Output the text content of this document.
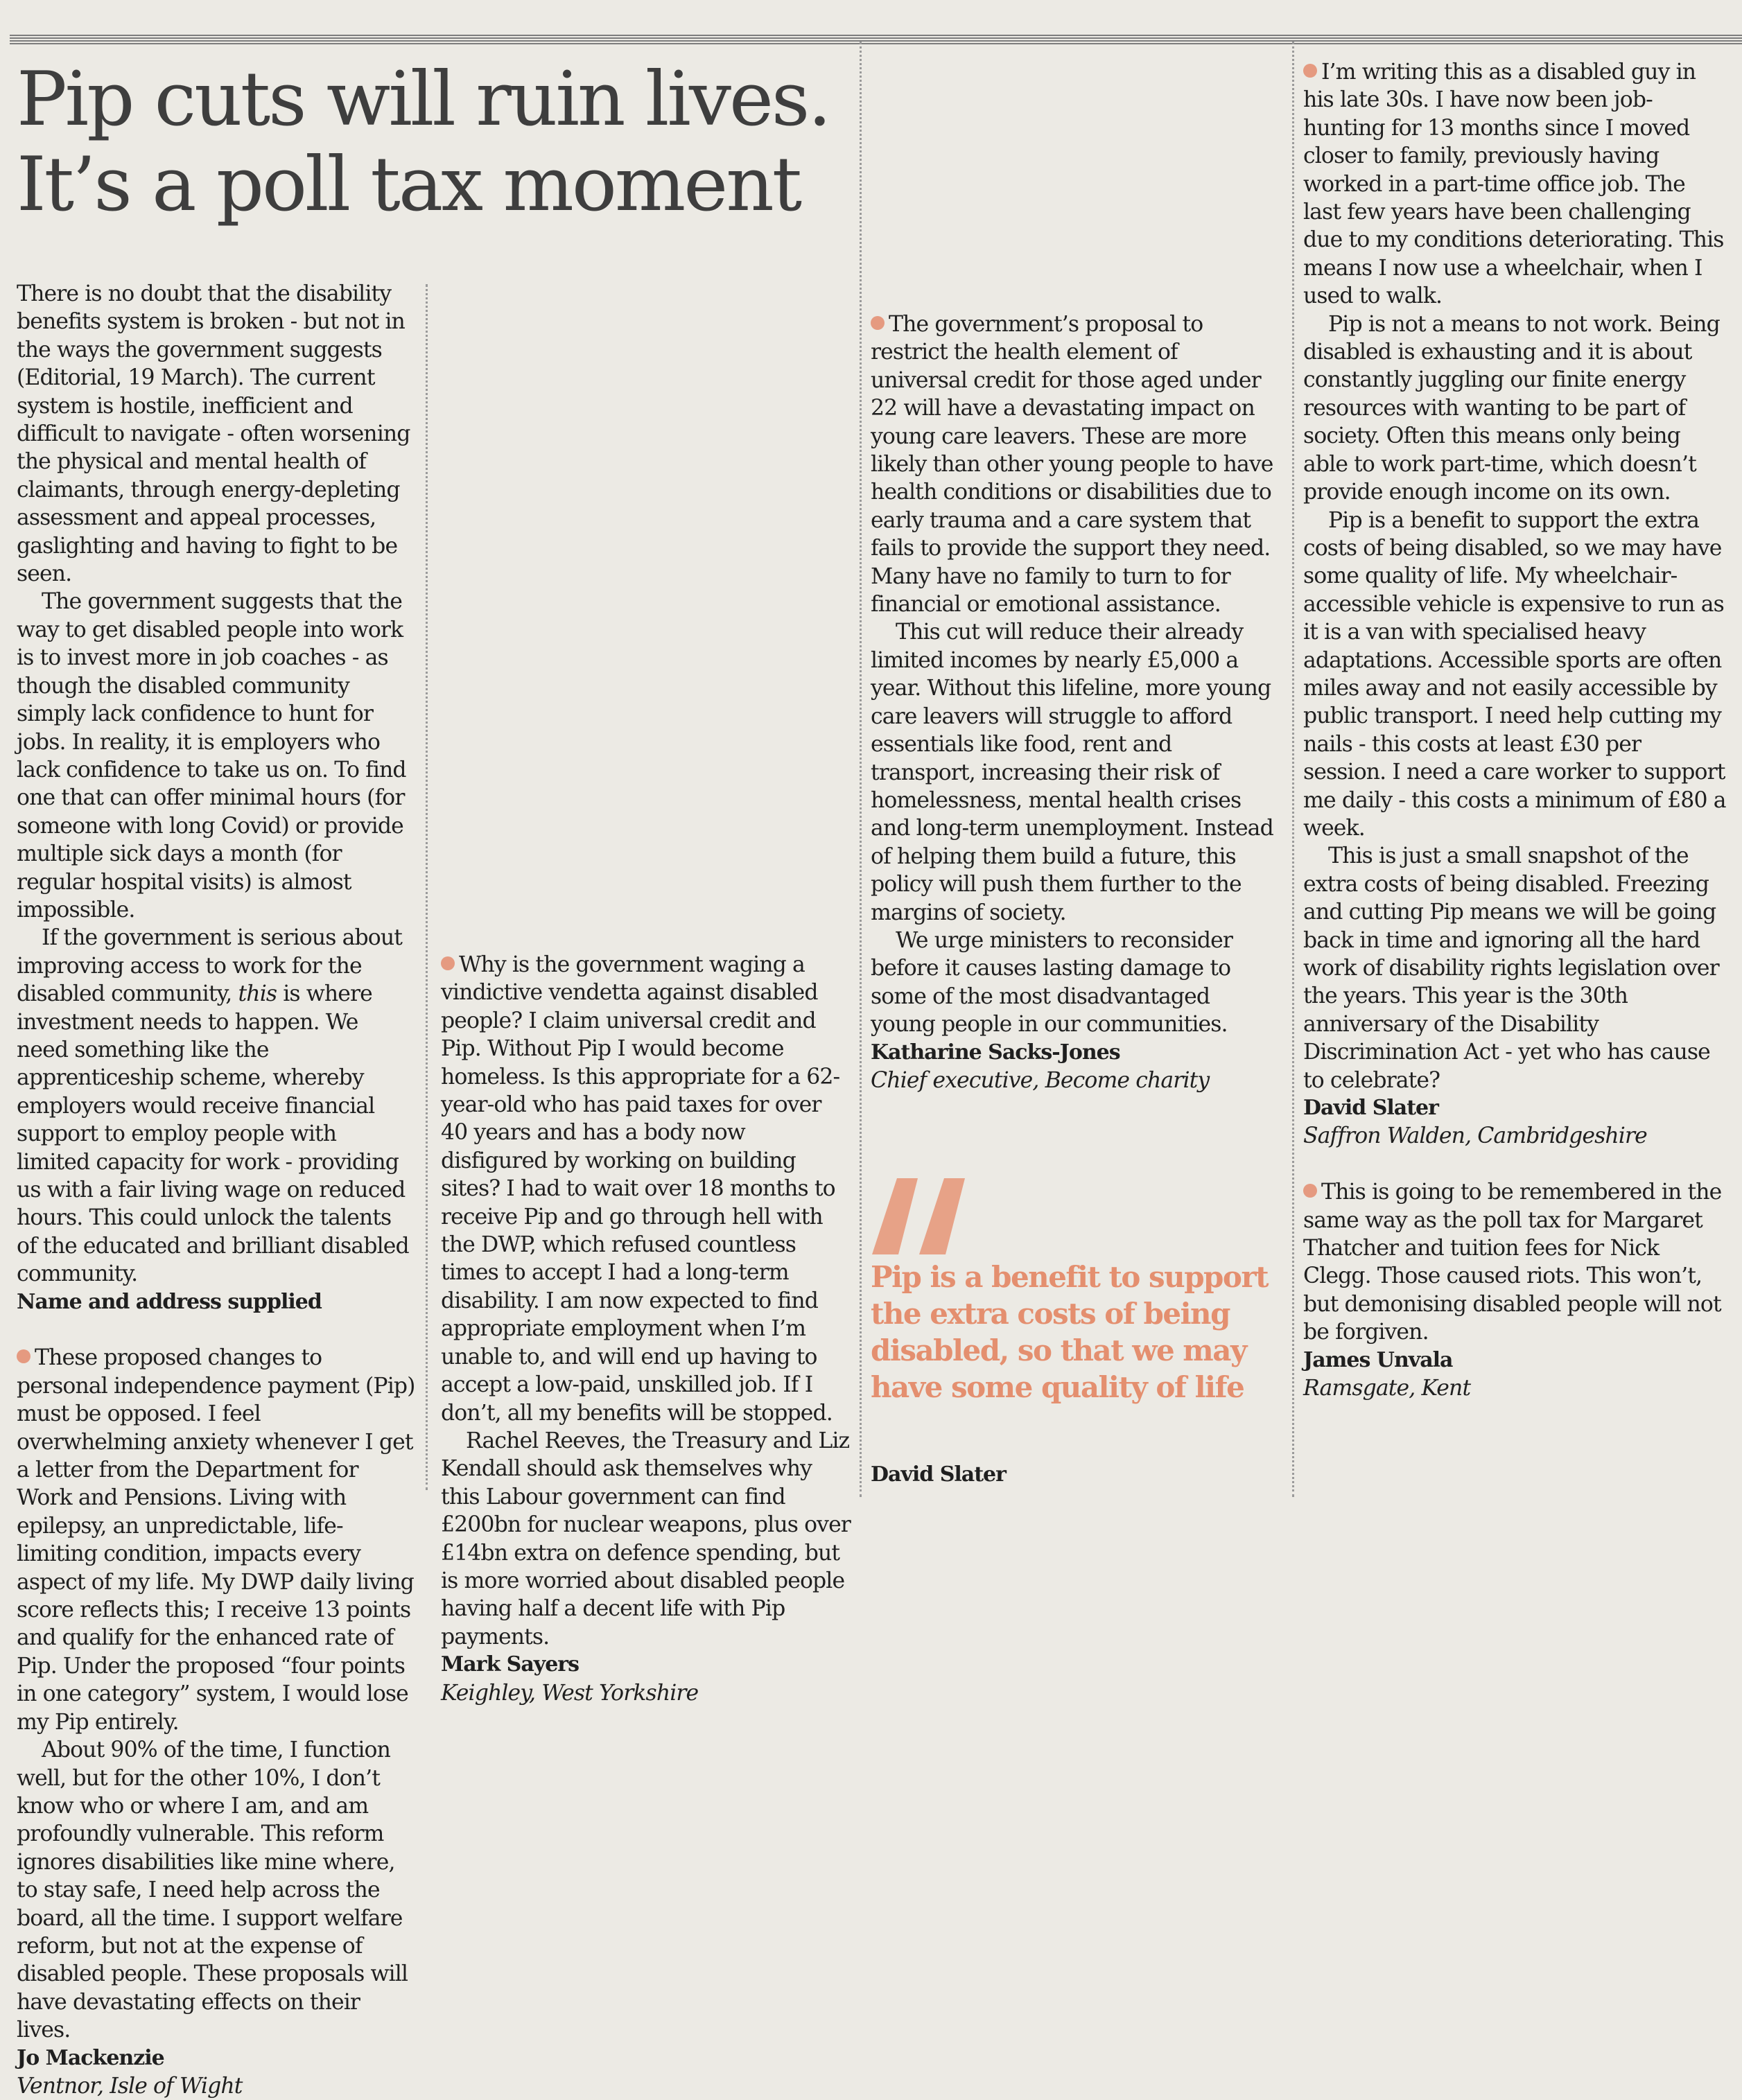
Pip cuts will ruin lives.
It’s a poll tax moment

There is no doubt that the disability benefits system is broken - but not in the ways the government suggests (Editorial, 19 March). The current system is hostile, inefficient and difficult to navigate - often worsening the physical and mental health of claimants, through energy-depleting assessment and appeal processes, gaslighting and having to fight to be seen.

The government suggests that the way to get disabled people into work is to invest more in job coaches - as though the disabled community simply lack confidence to hunt for jobs. In reality, it is employers who lack confidence to take us on. To find one that can offer minimal hours (for someone with long Covid) or provide multiple sick days a month (for regular hospital visits) is almost impossible.

If the government is serious about improving access to work for the disabled community, this is where investment needs to happen. We need something like the apprenticeship scheme, whereby employers would receive financial support to employ people with limited capacity for work - providing us with a fair living wage on reduced hours. This could unlock the talents of the educated and brilliant disabled community.

Name and address supplied

These proposed changes to personal independence payment (Pip) must be opposed. I feel overwhelming anxiety whenever I get a letter from the Department for Work and Pensions. Living with epilepsy, an unpredictable, life-limiting condition, impacts every aspect of my life. My DWP daily living score reflects this; I receive 13 points and qualify for the enhanced rate of Pip. Under the proposed “four points in one category” system, I would lose my Pip entirely.

About 90% of the time, I function well, but for the other 10%, I don’t know who or where I am, and am profoundly vulnerable. This reform ignores disabilities like mine where, to stay safe, I need help across the board, all the time. I support welfare reform, but not at the expense of disabled people. These proposals will have devastating effects on their lives.

Jo Mackenzie
Ventnor, Isle of Wight

Why is the government waging a vindictive vendetta against disabled people? I claim universal credit and Pip. Without Pip I would become homeless. Is this appropriate for a 62-year-old who has paid taxes for over 40 years and has a body now disfigured by working on building sites? I had to wait over 18 months to receive Pip and go through hell with the DWP, which refused countless times to accept I had a long-term disability. I am now expected to find appropriate employment when I’m unable to, and will end up having to accept a low-paid, unskilled job. If I don’t, all my benefits will be stopped.

Rachel Reeves, the Treasury and Liz Kendall should ask themselves why this Labour government can find £200bn for nuclear weapons, plus over £14bn extra on defence spending, but is more worried about disabled people having half a decent life with Pip payments.

Mark Sayers
Keighley, West Yorkshire

The government’s proposal to restrict the health element of universal credit for those aged under 22 will have a devastating impact on young care leavers. These are more likely than other young people to have health conditions or disabilities due to early trauma and a care system that fails to provide the support they need. Many have no family to turn to for financial or emotional assistance.

This cut will reduce their already limited incomes by nearly £5,000 a year. Without this lifeline, more young care leavers will struggle to afford essentials like food, rent and transport, increasing their risk of homelessness, mental health crises and long-term unemployment. Instead of helping them build a future, this policy will push them further to the margins of society.

We urge ministers to reconsider before it causes lasting damage to some of the most disadvantaged young people in our communities.

Katharine Sacks-Jones
Chief executive, Become charity
Pip is a benefit to support the extra costs of being disabled, so that we may have some quality of life
David Slater

I’m writing this as a disabled guy in his late 30s. I have now been job-hunting for 13 months since I moved closer to family, previously having worked in a part-time office job. The last few years have been challenging due to my conditions deteriorating. This means I now use a wheelchair, when I used to walk.

Pip is not a means to not work. Being disabled is exhausting and it is about constantly juggling our finite energy resources with wanting to be part of society. Often this means only being able to work part-time, which doesn’t provide enough income on its own.

Pip is a benefit to support the extra costs of being disabled, so we may have some quality of life. My wheelchair-accessible vehicle is expensive to run as it is a van with specialised heavy adaptations. Accessible sports are often miles away and not easily accessible by public transport. I need help cutting my nails - this costs at least £30 per session. I need a care worker to support me daily - this costs a minimum of £80 a week.

This is just a small snapshot of the extra costs of being disabled. Freezing and cutting Pip means we will be going back in time and ignoring all the hard work of disability rights legislation over the years. This year is the 30th anniversary of the Disability Discrimination Act - yet who has cause to celebrate?

David Slater
Saffron Walden, Cambridgeshire

This is going to be remembered in the same way as the poll tax for Margaret Thatcher and tuition fees for Nick Clegg. Those caused riots. This won’t, but demonising disabled people will not be forgiven.

James Unvala
Ramsgate, Kent
